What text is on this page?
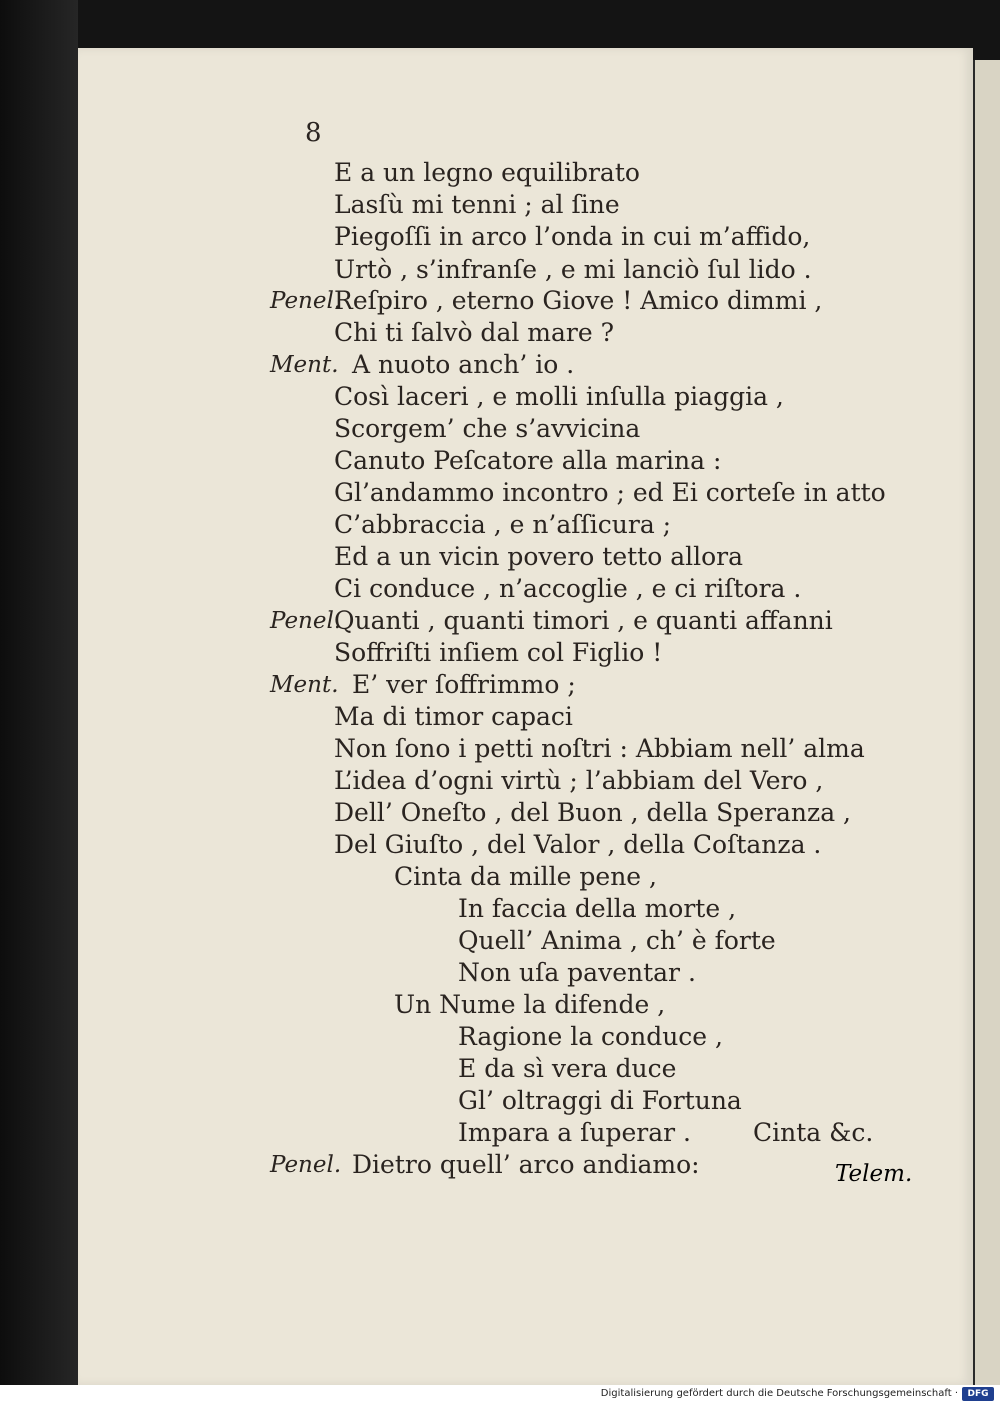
8
E a un legno equilibrato
Lasſù mi tenni ; al ſine
Piegoſſi in arco l’onda in cui m’affido,
Urtò , s’infranſe , e mi lanciò ſul lido .
Penel.
Reſpiro , eterno Giove ! Amico dimmi ,
Chi ti ſalvò dal mare ?
Ment. A nuoto anch’ io .
Così laceri , e molli inſulla piaggia ,
Scorgem’ che s’avvicina
Canuto Peſcatore alla marina :
Gl’andammo incontro ; ed Ei corteſe in atto
C’abbraccia , e n’aſſicura ;
Ed a un vicin povero tetto allora
Ci conduce , n’accoglie , e ci riſtora .
Penel.
Quanti , quanti timori , e quanti affanni
Soffriſti inſiem col Figlio !
Ment. E’ ver ſoffrimmo ;
Ma di timor capaci
Non ſono i petti noſtri : Abbiam nell’ alma
L’idea d’ogni virtù ; l’abbiam del Vero ,
Dell’ Oneſto , del Buon , della Speranza ,
Del Giuſto , del Valor , della Coſtanza .
Cinta da mille pene ,
In faccia della morte ,
Quell’ Anima , ch’ è forte
Non uſa paventar .
Un Nume la difende ,
Ragione la conduce ,
E da sì vera duce
Gl’ oltraggi di Fortuna
Impara a ſuperar . Cinta &c.
Penel. Dietro quell’ arco andiamo:	Telem.
Digitalisierung gefördert durch die Deutsche Forschungsgemeinschaft ·	DFG
